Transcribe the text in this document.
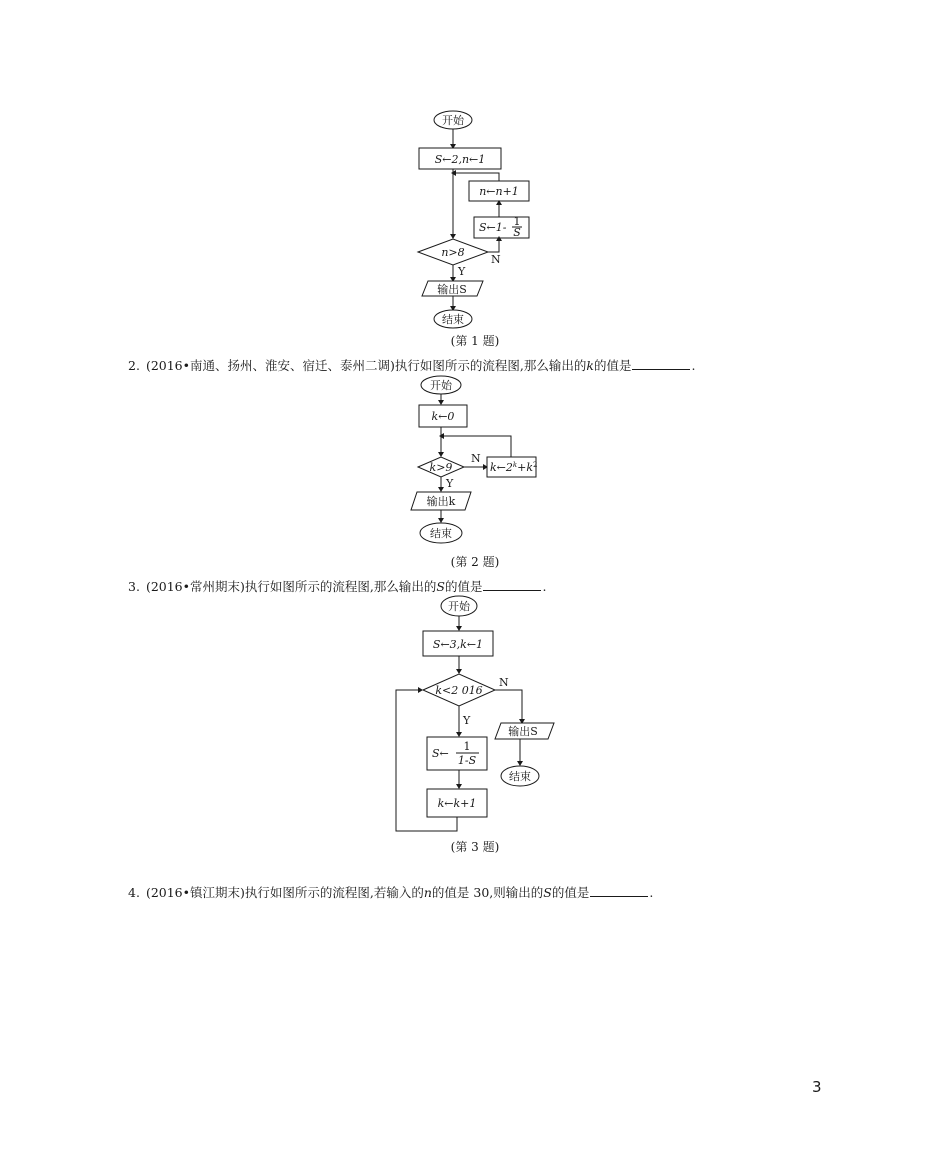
开始
S←2,n←1
n←n+1
S←1- 1
S
n>8
N
Y
输出S
结束
(第 1 题)
2. (2016•南通、扬州、淮安、宿迁、泰州二调)执行如图所示的流程图,那么输出的k的值是	.
开始
k←0
k>9
N
$k\leftarrow 2^k+k^2$
Y
输出k
结束
(第 2 题)
3. (2016•常州期末)执行如图所示的流程图,那么输出的S的值是	.
开始
S←3,k←1
k<2 016
N
输出S
结束
Y
S←
1
1-S
k←k+1
(第 3 题)
4. (2016•镇江期末)执行如图所示的流程图,若输入的n的值是 30,则输出的S的值是	.
3
